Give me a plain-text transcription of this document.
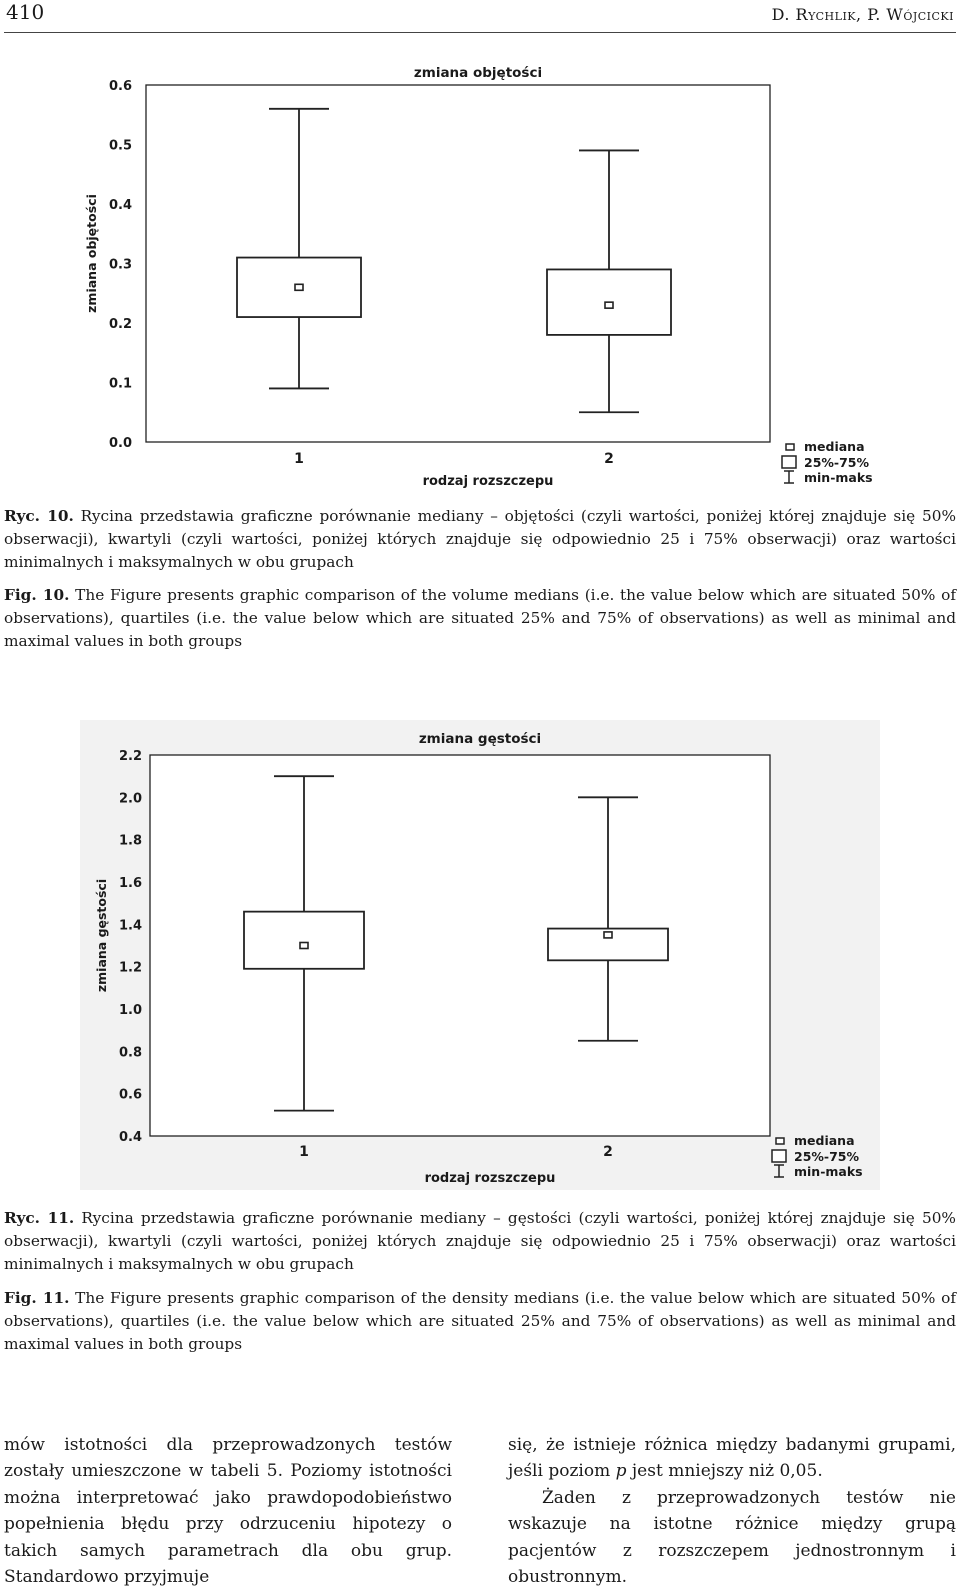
410	D. Rychlik, P. Wójcicki
zmiana objętości
0.0
0.1
0.2
0.3
0.4
0.5
0.6
zmiana objętości
1	2
rodzaj rozszczepu
mediana
25%-75%
min-maks
Ryc. 10. Rycina przedstawia graficzne porównanie mediany – objętości (czyli wartości, poniżej której znajduje się 50% obserwacji), kwartyli (czyli wartości, poniżej których znajduje się odpowiednio 25 i 75% obserwacji) oraz wartości minimalnych i maksymalnych w obu grupach
Fig. 10. The Figure presents graphic comparison of the volume medians (i.e. the value below which are situated 50% of observations), quartiles (i.e. the value below which are situated 25% and 75% of observations) as well as minimal and maximal values in both groups
zmiana gęstości
0.4
0.6
0.8
1.0
1.2
1.4
1.6
1.8
2.0
2.2
zmiana gęstości
1	2
rodzaj rozszczepu
mediana
25%-75%
min-maks
Ryc. 11. Rycina przedstawia graficzne porównanie mediany – gęstości (czyli wartości, poniżej której znajduje się 50% obserwacji), kwartyli (czyli wartości, poniżej których znajduje się odpowiednio 25 i 75% obserwacji) oraz wartości minimalnych i maksymalnych w obu grupach
Fig. 11. The Figure presents graphic comparison of the density medians (i.e. the value below which are situated 50% of observations), quartiles (i.e. the value below which are situated 25% and 75% of observations) as well as minimal and maximal values in both groups

mów istotności dla przeprowadzonych testów zostały umieszczone w tabeli 5. Poziomy istotności można interpretować jako prawdopodobieństwo popełnienia błędu przy odrzuceniu hipotezy o takich samych parametrach dla obu grup. Standardowo przyjmuje

się, że istnieje różnica między badanymi grupami, jeśli poziom p jest mniejszy niż 0,05.

Żaden z przeprowadzonych testów nie wskazuje na istotne różnice między grupą pacjentów z rozszczepem jednostronnym i obustronnym.
